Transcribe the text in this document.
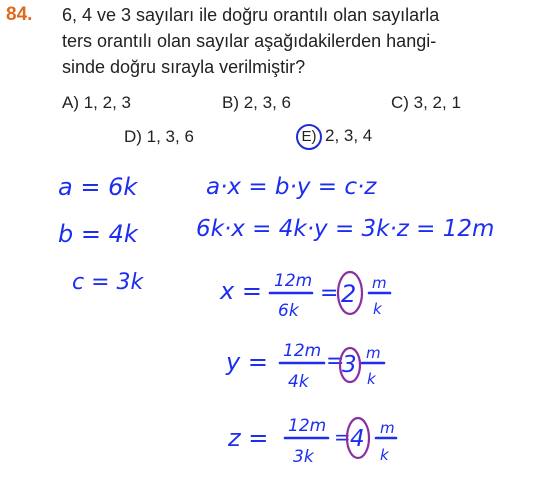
84. 6, 4 ve 3 sayıları ile doğru orantılı olan sayılarla
ters orantılı olan sayılar aşağıdakilerden hangi-
sinde doğru sırayla verilmiştir?
A) 1, 2, 3	B) 2, 3, 6	C) 3, 2, 1
D) 1, 3, 6	E) 2, 3, 4
a = 6k
b = 4k
c = 3k
a·x = b·y = c·z
6k·x = 4k·y = 3k·z = 12m
x = 12m
6k
= 2 m
k
y = 12m
4k
=
3 m
k
z = 12m
3k
= 4 m
k
